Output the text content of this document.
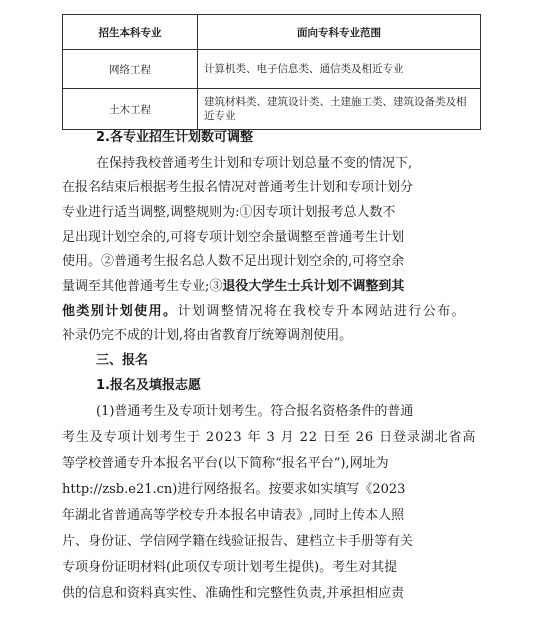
招生本科专业	面向专科专业范围
网络工程	计算机类、电子信息类、通信类及相近专业
土木工程	建筑材料类、建筑设计类、土建施工类、建筑设备类及相近专业
2.各专业招生计划数可调整
在保持我校普通考生计划和专项计划总量不变的情况下,
在报名结束后根据考生报名情况对普通考生计划和专项计划分
专业进行适当调整,调整规则为:①因专项计划报考总人数不
足出现计划空余的,可将专项计划空余量调整至普通考生计划
使用。②普通考生报名总人数不足出现计划空余的,可将空余
量调至其他普通考生专业;③退役大学生士兵计划不调整到其
他类别计划使用。计划调整情况将在我校专升本网站进行公布。
补录仍完不成的计划,将由省教育厅统筹调剂使用。
三、报名
1.报名及填报志愿
(1)普通考生及专项计划考生。符合报名资格条件的普通
考生及专项计划考生于 2023 年 3 月 22 日至 26 日登录湖北省高
等学校普通专升本报名平台(以下简称“报名平台”),网址为
http://zsb.e21.cn)进行网络报名。按要求如实填写《2023
年湖北省普通高等学校专升本报名申请表》,同时上传本人照
片、身份证、学信网学籍在线验证报告、建档立卡手册等有关
专项身份证明材料(此项仅专项计划考生提供)。考生对其提
供的信息和资料真实性、准确性和完整性负责,并承担相应责
